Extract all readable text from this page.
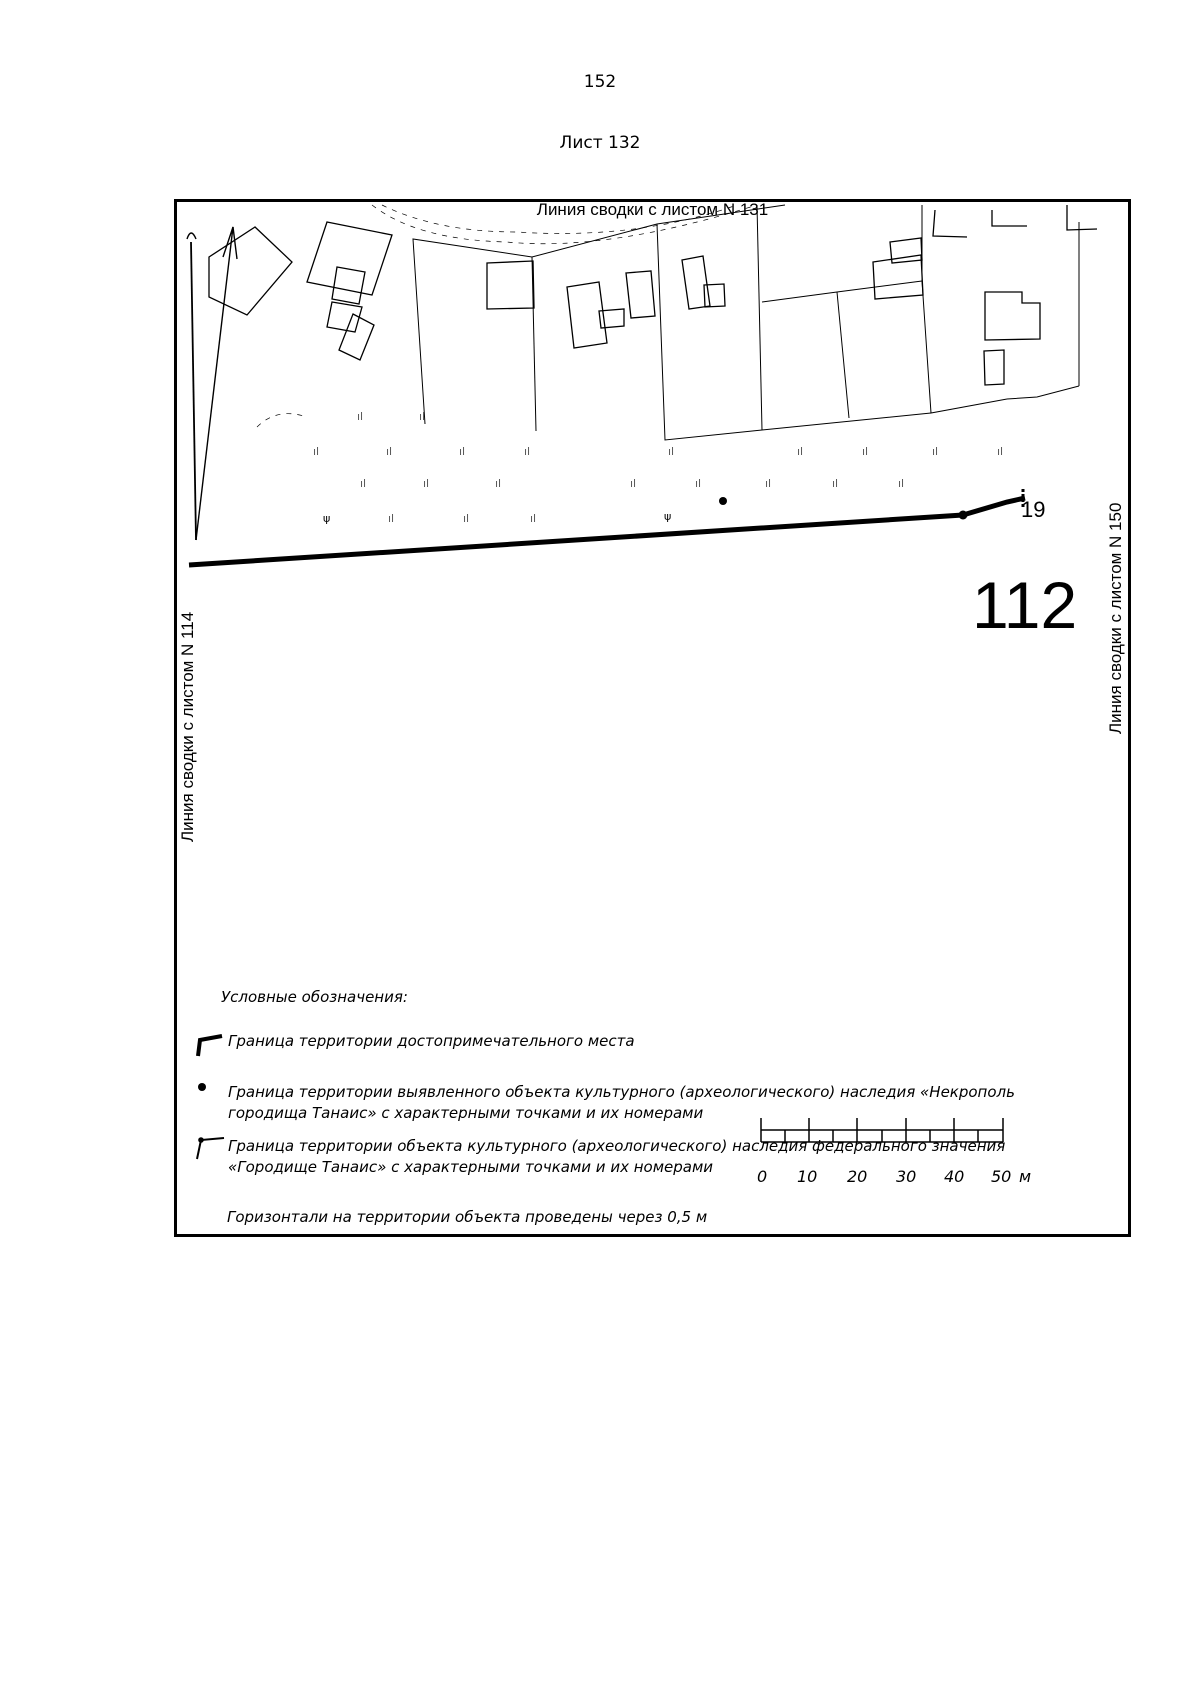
152
Лист 132
ıl	ıl
ıl	ıl	ıl	ıl
ıl	ıl	ıl	ıl	ıl	ıl	ıl	ıl
ıl	ıl	ıl	ıl	ıl
ıl	ıl	ıl
ψ	ψ
Линия сводки с листом N 131
Линия сводки с листом N 114	Линия сводки с листом N 150
19
112
Условные обозначения:
Граница территории достопримечательного места
Граница территории выявленного объекта культурного (археологического) наследия «Некрополь городища Танаис» с характерными точками и их номерами
Граница территории объекта культурного (археологического) наследия федерального значения «Городище Танаис» с характерными точками и их номерами
Горизонтали на территории объекта проведены через 0,5 м
0 10 20 30 40 50 м
